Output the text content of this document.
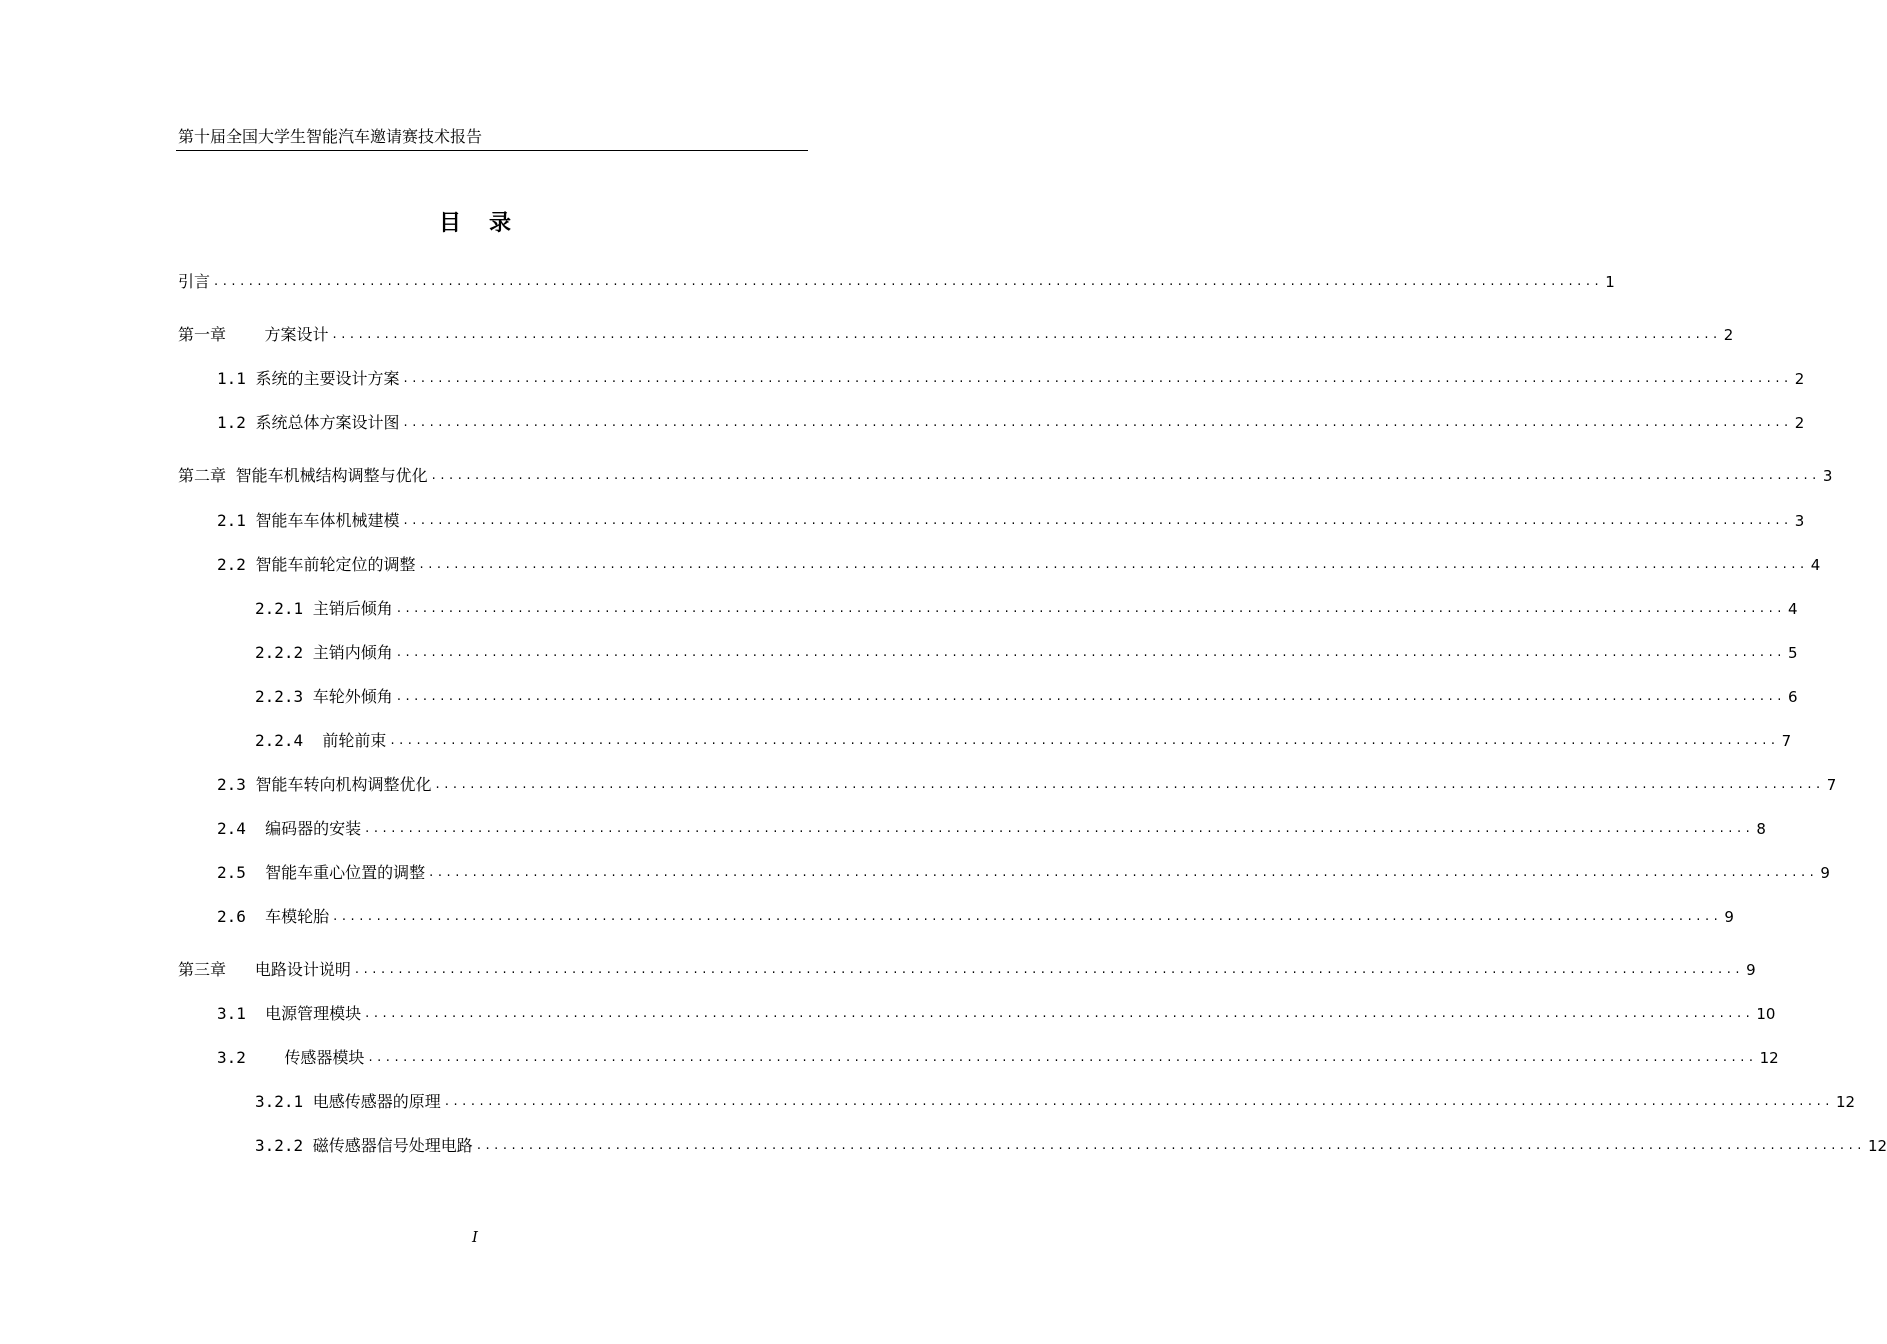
第十届全国大学生智能汽车邀请赛技术报告
目录
引言 ................................................................................................................................................................ 1
第一章    方案设计 ................................................................................................................................................................ 2
1.1 系统的主要设计方案 ................................................................................................................................................................ 2
1.2 系统总体方案设计图 ................................................................................................................................................................ 2
第二章 智能车机械结构调整与优化 ................................................................................................................................................................ 3
2.1 智能车车体机械建模 ................................................................................................................................................................ 3
2.2 智能车前轮定位的调整 ................................................................................................................................................................ 4
2.2.1 主销后倾角 ................................................................................................................................................................ 4
2.2.2 主销内倾角 ................................................................................................................................................................ 5
2.2.3 车轮外倾角 ................................................................................................................................................................ 6
2.2.4  前轮前束 ................................................................................................................................................................ 7
2.3 智能车转向机构调整优化 ................................................................................................................................................................ 7
2.4  编码器的安装 ................................................................................................................................................................ 8
2.5  智能车重心位置的调整 ................................................................................................................................................................ 9
2.6  车模轮胎 ................................................................................................................................................................ 9
第三章   电路设计说明 ................................................................................................................................................................ 9
3.1  电源管理模块 ................................................................................................................................................................ 10
3.2    传感器模块 ................................................................................................................................................................ 12
3.2.1 电感传感器的原理 ................................................................................................................................................................ 12
3.2.2 磁传感器信号处理电路 ................................................................................................................................................................ 12
I
